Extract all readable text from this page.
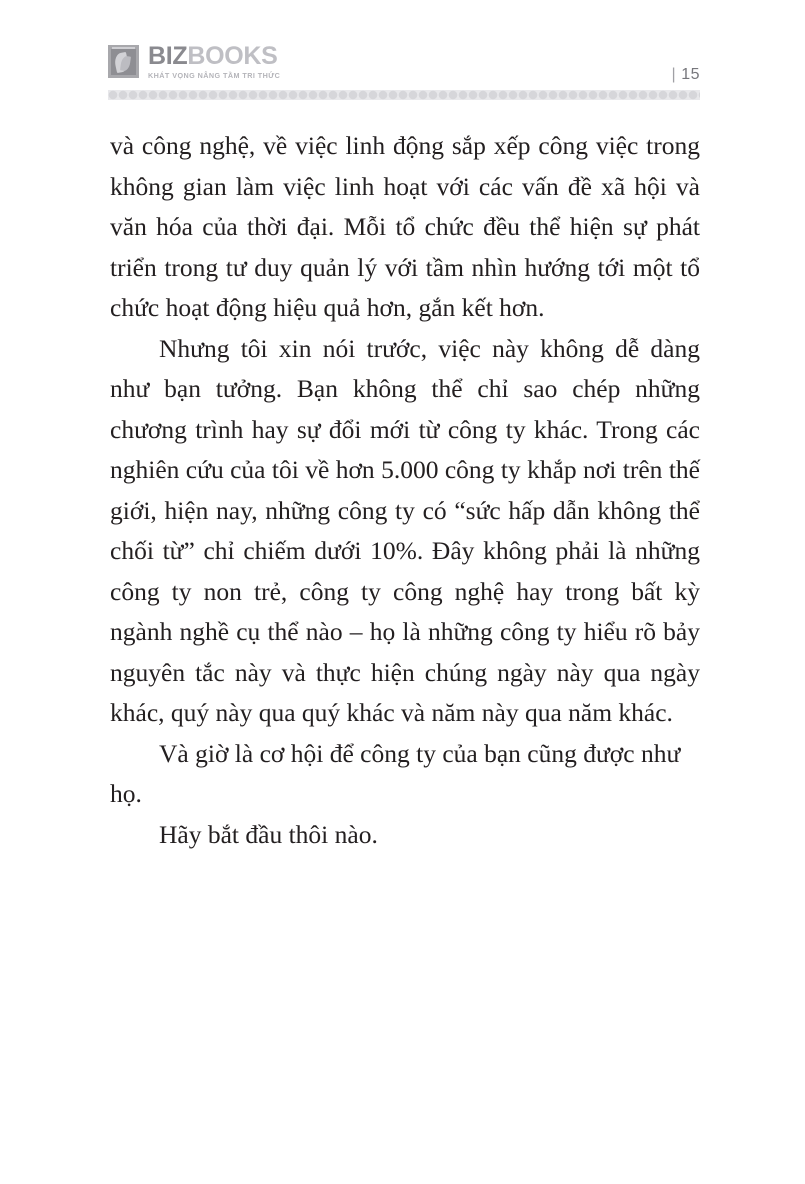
BIZBOOKS
KHÁT VỌNG NÂNG TẦM TRI THỨC	| 15

và công nghệ, về việc linh động sắp xếp công việc trong không gian làm việc linh hoạt với các vấn đề xã hội và văn hóa của thời đại. Mỗi tổ chức đều thể hiện sự phát triển trong tư duy quản lý với tầm nhìn hướng tới một tổ chức hoạt động hiệu quả hơn, gắn kết hơn.

Nhưng tôi xin nói trước, việc này không dễ dàng như bạn tưởng. Bạn không thể chỉ sao chép những chương trình hay sự đổi mới từ công ty khác. Trong các nghiên cứu của tôi về hơn 5.000 công ty khắp nơi trên thế giới, hiện nay, những công ty có “sức hấp dẫn không thể chối từ” chỉ chiếm dưới 10%. Đây không phải là những công ty non trẻ, công ty công nghệ hay trong bất kỳ ngành nghề cụ thể nào – họ là những công ty hiểu rõ bảy nguyên tắc này và thực hiện chúng ngày này qua ngày khác, quý này qua quý khác và năm này qua năm khác.

Và giờ là cơ hội để công ty của bạn cũng được như họ.

Hãy bắt đầu thôi nào.
